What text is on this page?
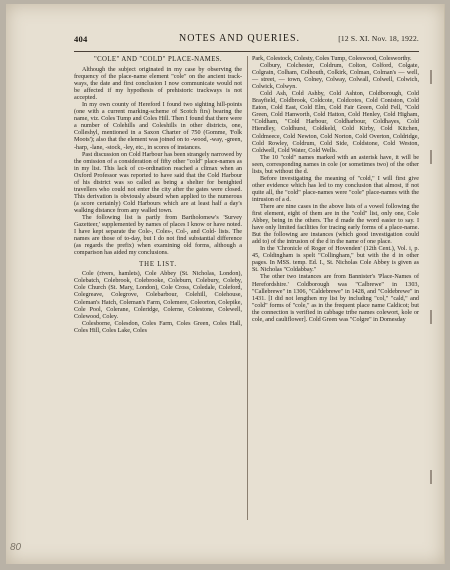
404	NOTES AND QUERIES.	[12 S. XI. Nov. 18, 1922.
"COLE" AND "COLD" PLACE-NAMES.

Although the subject originated in my case by observing the frequency of the place-name element "cole" on the ancient track-ways, the date and first conclusion I now communicate would not be affected if my hypothesis of prehistoric trackways is not accepted.

In my own county of Hereford I found two sighting hill-points (one with a current marking-scheme of Scotch firs) bearing the name, viz. Coles Tump and Coles Hill. Then I found that there were a number of Colehills and Coleshills in other districts, one, Colleshyl, mentioned in a Saxon Charter of 750 (Gomme, 'Folk Moots'); also that the element was joined on to -wood, -way, -green, -harp, -lane, -stock, -ley, etc., in scores of instances.

Past discussion on Cold Harbour has been strangely narrowed by the omission of a consideration of fifty other "cold" place-names as in my list. This lack of co-ordination reached a climax when an Oxford Professor was reported to have said that the Cold Harbour of his district was so called as being a shelter for benighted travellers who could not enter the city after the gates were closed. This derivation is obviously absurd when applied to the numerous (a score certainly) Cold Harbours which are at least half a day's walking distance from any walled town.

The following list is partly from Bartholomew's 'Survey Gazetteer,' supplemented by names of places I know or have noted. I have kept separate the Cole-, Coles-, Col-, and Cold- lists. The names are those of to-day, but I do not find substantial difference (as regards the prefix) when examining old forms, although a comparison has aided my conclusions.

THE LIST.

Cole (rivers, hamlets), Cole Abbey (St. Nicholas, London), Colebatch, Colebrook, Colebrooke, Coleburn, Colebury, Coleby, Cole Church (St. Mary, London), Cole Cross, Coledale, Coleford, Colegreave, Colegrove, Colebarbour, Colehill, Colehouse, Coleman's Hatch, Coleman's Farm, Colemere, Coleorton, Colepike, Cole Pool, Colerane, Coleridge, Colerne, Colestone, Colewell, Colewood, Coley.

Colesborne, Colesdon, Coles Farm, Coles Green, Coles Hall, Coles Hill, Coles Lake, Coles

Park, Colestock, Colesty, Coles Tump, Coleswood, Colesworthy.

Colbury, Colchester, Coldrum, Colton, Colford, Colgate, Colgrain, Colham, Colhouth, Colkirk, Colman, Colman's — well, — street, — town, Colney, Colway, Colwall, Colwell, Colwich, Colwick, Colwyn.

Cold Ash, Cold Ashby, Cold Ashton, Coldborough, Cold Brayfield, Coldbrook, Coldcote, Coldcotes, Cold Coniston, Cold Eaton, Cold East, Cold Elm, Cold Fair Green, Cold Fell, "Cold Green, Cold Hanworth, Cold Hatton, Cold Henley, Cold Higham, "Coldham, "Cold Harbour, Coldharbour, Coldhayes, Cold Hiendley, Coldhurst, Coldkeld, Cold Kirby, Cold Kitchen, Coldmeece, Cold Newton, Cold Norton, Cold Overton, Coldridge, Cold Rowley, Coldrum, Cold Side, Coldstone, Cold Weston, Coldwell, Cold Water, Cold Wells.

The 10 "cold" names marked with an asterisk have, it will be seen, corresponding names in cole (or sometimes two) of the other lists, but without the d.

Before investigating the meaning of "cold," I will first give other evidence which has led to my conclusion that almost, if not quite all, the "cold" place-names were "cole" place-names with the intrusion of a d.

There are nine cases in the above lists of a vowel following the first element, eight of them are in the "cold" list, only one, Cole Abbey, being in the others. The d made the word easier to say. I have only limited facilities for tracing early forms of a place-name. But the following are instances (which good investigation could add to) of the intrusion of the d in the name of one place.

In the 'Chronicle of Roger of Hovenden' (12th Cent.), Vol. i, p. 45, Coldingham is spelt "Collingham," but with the d in other pages. In MSS. temp. Ed. I., St. Nicholas Cole Abbey is given as St. Nicholas "Coldabbay."

The other two instances are from Bannister's 'Place-Names of Herefordshire.' Coldborough was "Calbrewe" in 1303, "Callebrewe" in 1306, "Caldebrewe" in 1428, and "Coldebrewe" in 1431. [I did not lengthen my list by including "col," "cald," and "cold" forms of "cole," as in the frequent place name Caldicot; but the connection is verified in cabbage tribe names colewort, kole or cole, and cauliflower]. Cold Green was "Colgre" in Domesday

80
